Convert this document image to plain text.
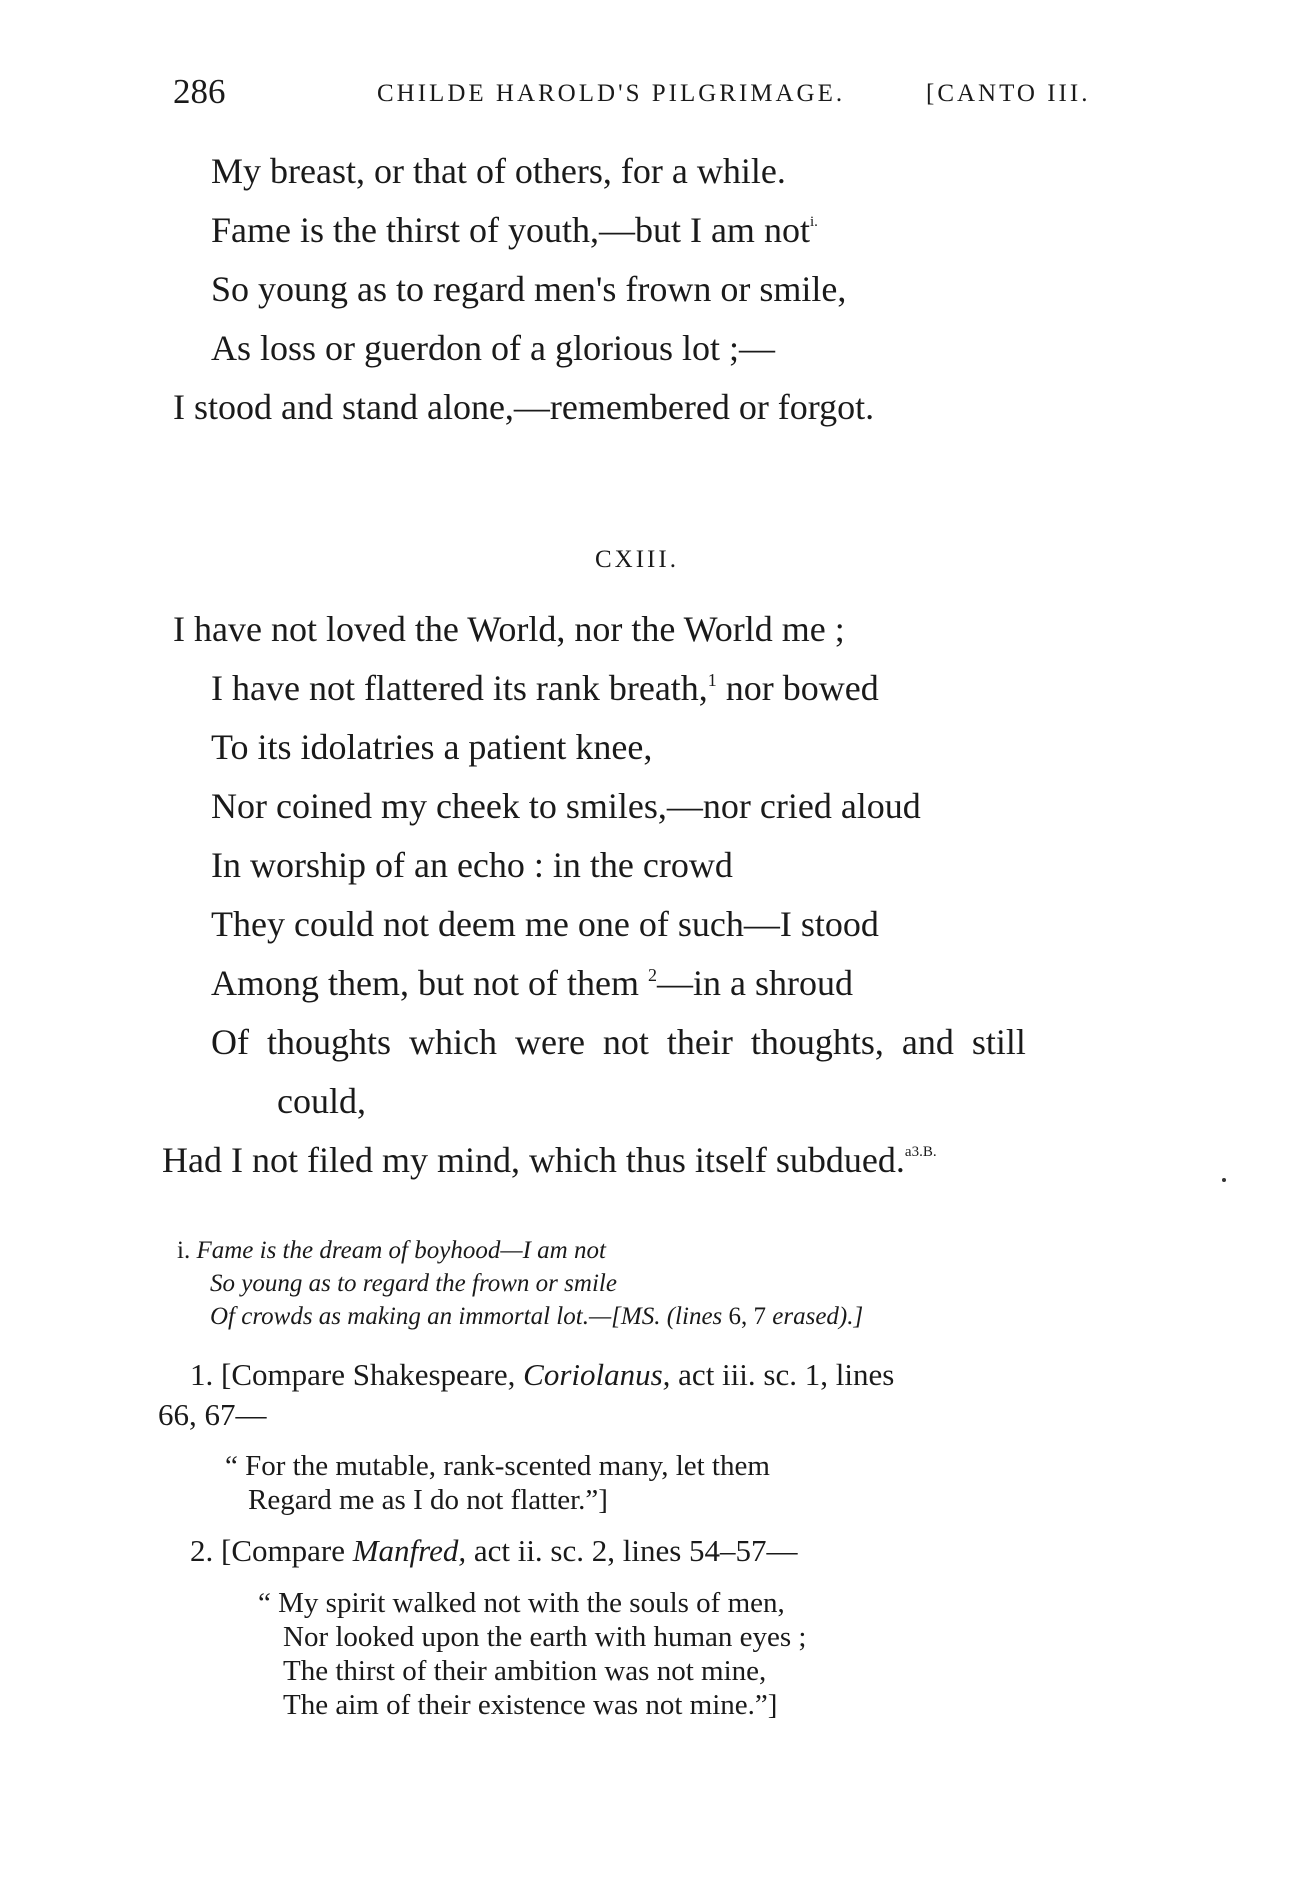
286	CHILDE HAROLD'S PILGRIMAGE.	[CANTO III.
My breast, or that of others, for a while.
Fame is the thirst of youth,—but I am not$^{i.}$
So young as to regard men's frown or smile,
As loss or guerdon of a glorious lot ;—
I stood and stand alone,—remembered or forgot.
CXIII.
I have not loved the World, nor the World me ;
I have not flattered its rank breath,$^1$ nor bowed
To its idolatries a patient knee,
Nor coined my cheek to smiles,—nor cried aloud
In worship of an echo : in the crowd
They could not deem me one of such—I stood
Among them, but not of them $^2$—in a shroud
Of thoughts which were not their thoughts, and still
could,
Had I not filed my mind, which thus itself subdued.$^{a3.B.}$
i. Fame is the dream of boyhood—I am not
So young as to regard the frown or smile
Of crowds as making an immortal lot.—[MS. (lines 6, 7 erased).]
1. [Compare Shakespeare, Coriolanus, act iii. sc. 1, lines
66, 67—
“ For the mutable, rank-scented many, let them
Regard me as I do not flatter.”]
2. [Compare Manfred, act ii. sc. 2, lines 54–57—
“ My spirit walked not with the souls of men,
Nor looked upon the earth with human eyes ;
The thirst of their ambition was not mine,
The aim of their existence was not mine.”]
